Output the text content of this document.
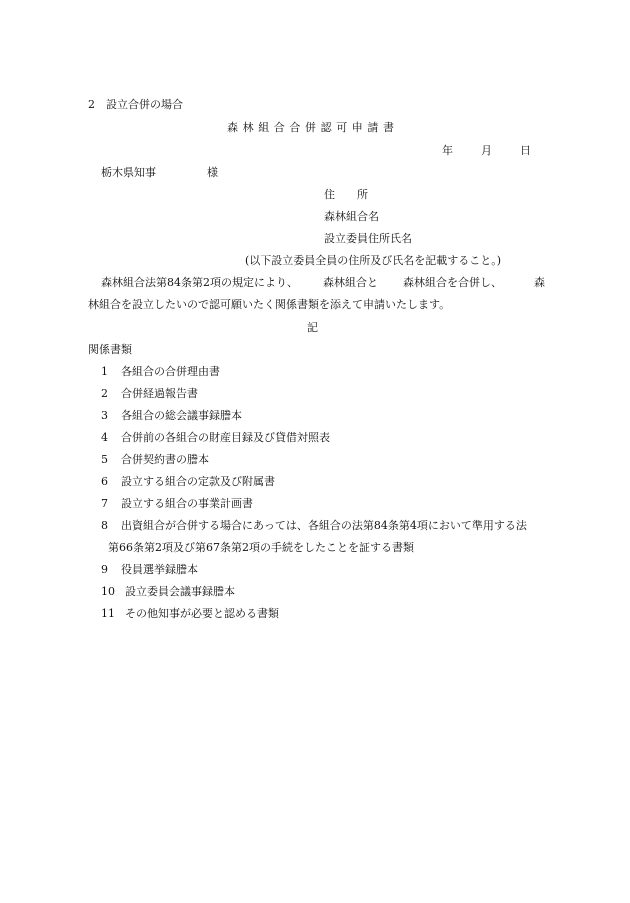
2　設立合併の場合
森林組合合併認可申請書
年	月	日
栃木県知事	様
住　　所
森林組合名
設立委員住所氏名
(以下設立委員全員の住所及び氏名を記載すること。)
森林組合法第84条第2項の規定により、 森林組合と 森林組合を合併し、	森
林組合を設立したいので認可願いたく関係書類を添えて申請いたします。
記
関係書類
1 各組合の合併理由書
2 合併経過報告書
3 各組合の総会議事録謄本
4 合併前の各組合の財産目録及び貸借対照表
5 合併契約書の謄本
6 設立する組合の定款及び附属書
7 設立する組合の事業計画書
8 出資組合が合併する場合にあっては、各組合の法第84条第4項において準用する法
第66条第2項及び第67条第2項の手続をしたことを証する書類
9 役員選挙録謄本
10 設立委員会議事録謄本
11 その他知事が必要と認める書類
